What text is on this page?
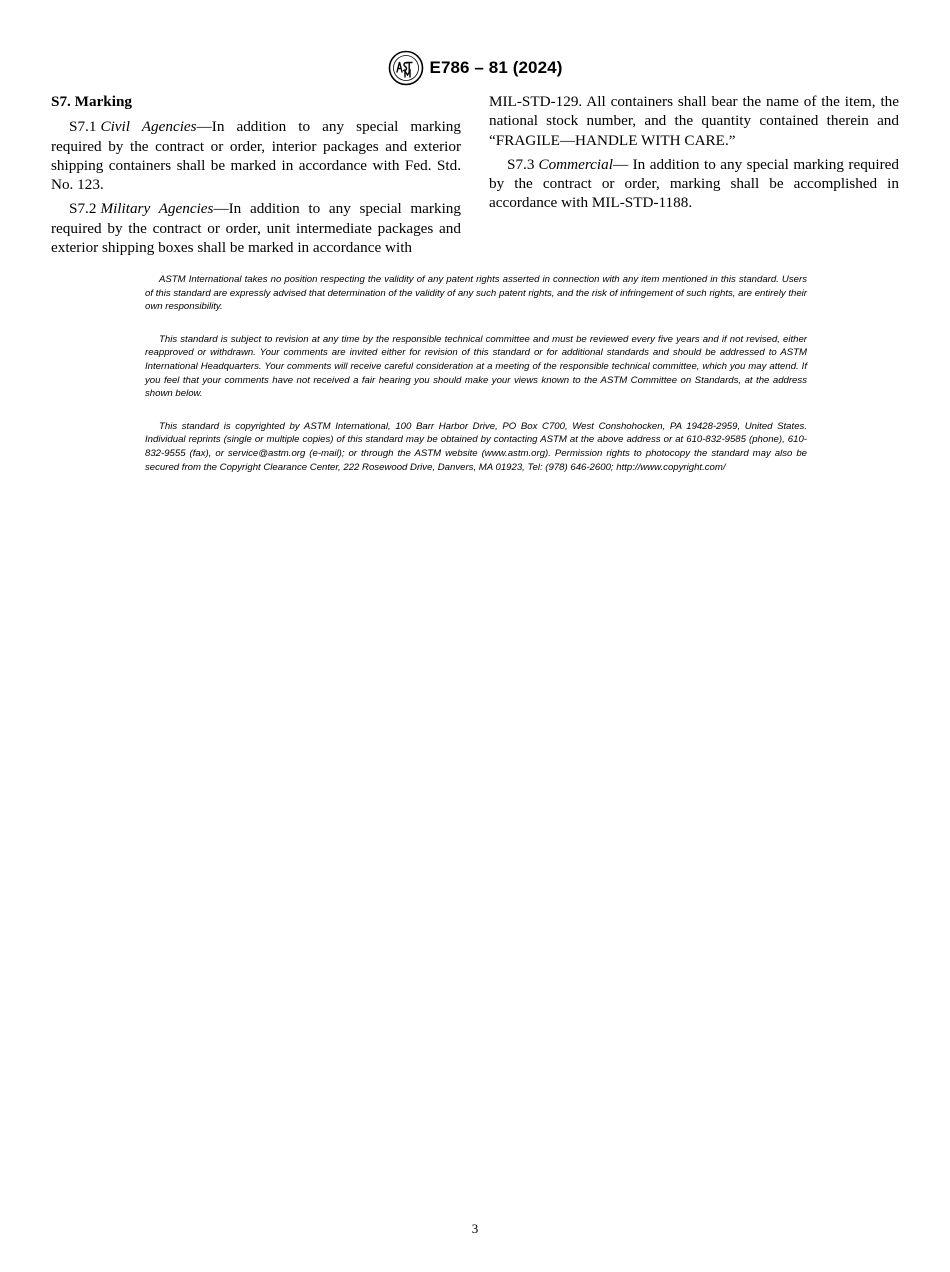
E786 – 81 (2024)

S7. Marking

S7.1 Civil Agencies—In addition to any special marking required by the contract or order, interior packages and exterior shipping containers shall be marked in accordance with Fed. Std. No. 123.

S7.2 Military Agencies—In addition to any special marking required by the contract or order, unit intermediate packages and exterior shipping boxes shall be marked in accordance with

MIL-STD-129. All containers shall bear the name of the item, the national stock number, and the quantity contained therein and “FRAGILE—HANDLE WITH CARE.”

S7.3 Commercial— In addition to any special marking required by the contract or order, marking shall be accomplished in accordance with MIL-STD-1188.

ASTM International takes no position respecting the validity of any patent rights asserted in connection with any item mentioned in this standard. Users of this standard are expressly advised that determination of the validity of any such patent rights, and the risk of infringement of such rights, are entirely their own responsibility.

This standard is subject to revision at any time by the responsible technical committee and must be reviewed every five years and if not revised, either reapproved or withdrawn. Your comments are invited either for revision of this standard or for additional standards and should be addressed to ASTM International Headquarters. Your comments will receive careful consideration at a meeting of the responsible technical committee, which you may attend. If you feel that your comments have not received a fair hearing you should make your views known to the ASTM Committee on Standards, at the address shown below.

This standard is copyrighted by ASTM International, 100 Barr Harbor Drive, PO Box C700, West Conshohocken, PA 19428-2959, United States. Individual reprints (single or multiple copies) of this standard may be obtained by contacting ASTM at the above address or at 610-832-9585 (phone), 610-832-9555 (fax), or service@astm.org (e-mail); or through the ASTM website (www.astm.org). Permission rights to photocopy the standard may also be secured from the Copyright Clearance Center, 222 Rosewood Drive, Danvers, MA 01923, Tel: (978) 646-2600; http://www.copyright.com/

3
